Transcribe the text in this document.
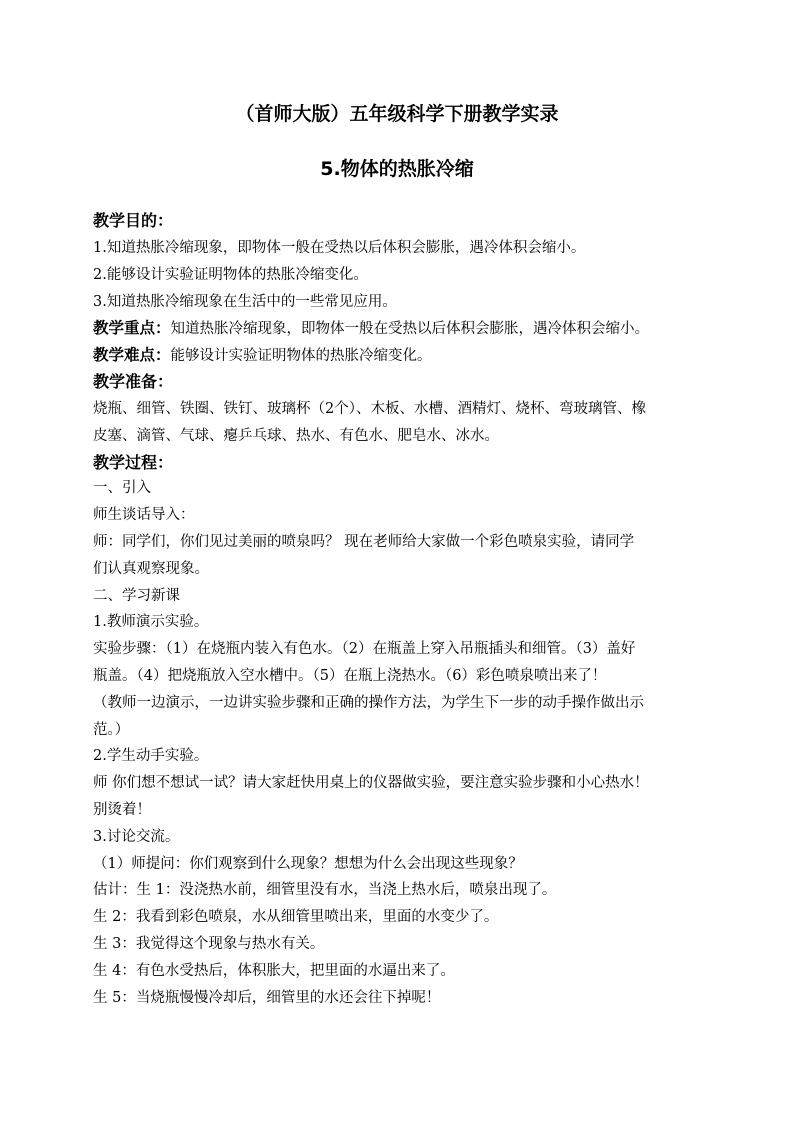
（首师大版）五年级科学下册教学实录
5.物体的热胀冷缩
教学目的：
1.知道热胀冷缩现象，即物体一般在受热以后体积会膨胀，遇冷体积会缩小。
2.能够设计实验证明物体的热胀冷缩变化。
3.知道热胀冷缩现象在生活中的一些常见应用。
教学重点：知道热胀冷缩现象，即物体一般在受热以后体积会膨胀，遇冷体积会缩小。
教学难点：能够设计实验证明物体的热胀冷缩变化。
教学准备：
烧瓶、细管、铁圈、铁钉、玻璃杯（2个）、木板、水槽、酒精灯、烧杯、弯玻璃管、橡
皮塞、滴管、气球、瘪乒乓球、热水、有色水、肥皂水、冰水。
教学过程：
一、引入
师生谈话导入：
师：同学们，你们见过美丽的喷泉吗？ 现在老师给大家做一个彩色喷泉实验，请同学
们认真观察现象。
二、学习新课
1.教师演示实验。
实验步骤：（1）在烧瓶内装入有色水。（2）在瓶盖上穿入吊瓶插头和细管。（3）盖好
瓶盖。（4）把烧瓶放入空水槽中。（5）在瓶上浇热水。（6）彩色喷泉喷出来了！
（教师一边演示，一边讲实验步骤和正确的操作方法，为学生下一步的动手操作做出示
范。）
2.学生动手实验。
师 你们想不想试一试？请大家赶快用桌上的仪器做实验，要注意实验步骤和小心热水！
别烫着！
3.讨论交流。
（1）师提问：你们观察到什么现象？想想为什么会出现这些现象？
估计：生 1：没浇热水前，细管里没有水，当浇上热水后，喷泉出现了。
生 2：我看到彩色喷泉，水从细管里喷出来，里面的水变少了。
生 3：我觉得这个现象与热水有关。
生 4：有色水受热后，体积胀大，把里面的水逼出来了。
生 5：当烧瓶慢慢冷却后，细管里的水还会往下掉呢！
